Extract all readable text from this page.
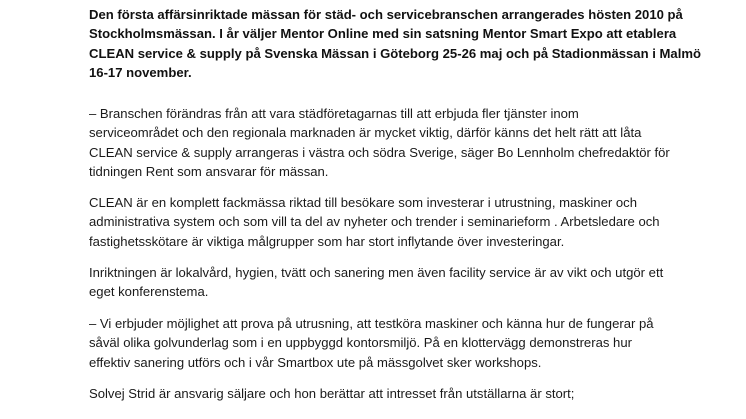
Den första affärsinriktade mässan för städ- och servicebranschen arrangerades hösten 2010 på
Stockholmsmässan. I år väljer Mentor Online med sin satsning Mentor Smart Expo att etablera
CLEAN service & supply på Svenska Mässan i Göteborg 25-26 maj och på Stadionmässan i Malmö
16-17 november.

– Branschen förändras från att vara städföretagarnas till att erbjuda fler tjänster inom
serviceområdet och den regionala marknaden är mycket viktig, därför känns det helt rätt att låta
CLEAN service & supply arrangeras i västra och södra Sverige, säger Bo Lennholm chefredaktör för
tidningen Rent som ansvarar för mässan.

CLEAN är en komplett fackmässa riktad till besökare som investerar i utrustning, maskiner och
administrativa system och som vill ta del av nyheter och trender i seminarieform . Arbetsledare och
fastighetsskötare är viktiga målgrupper som har stort inflytande över investeringar.

Inriktningen är lokalvård, hygien, tvätt och sanering men även facility service är av vikt och utgör ett
eget konferenstema.

– Vi erbjuder möjlighet att prova på utrusning, att testköra maskiner och känna hur de fungerar på
såväl olika golvunderlag som i en uppbyggd kontorsmiljö. På en klottervägg demonstreras hur
effektiv sanering utförs och i vår Smartbox ute på mässgolvet sker workshops.

Solvej Strid är ansvarig säljare och hon berättar att intresset från utställarna är stort;
